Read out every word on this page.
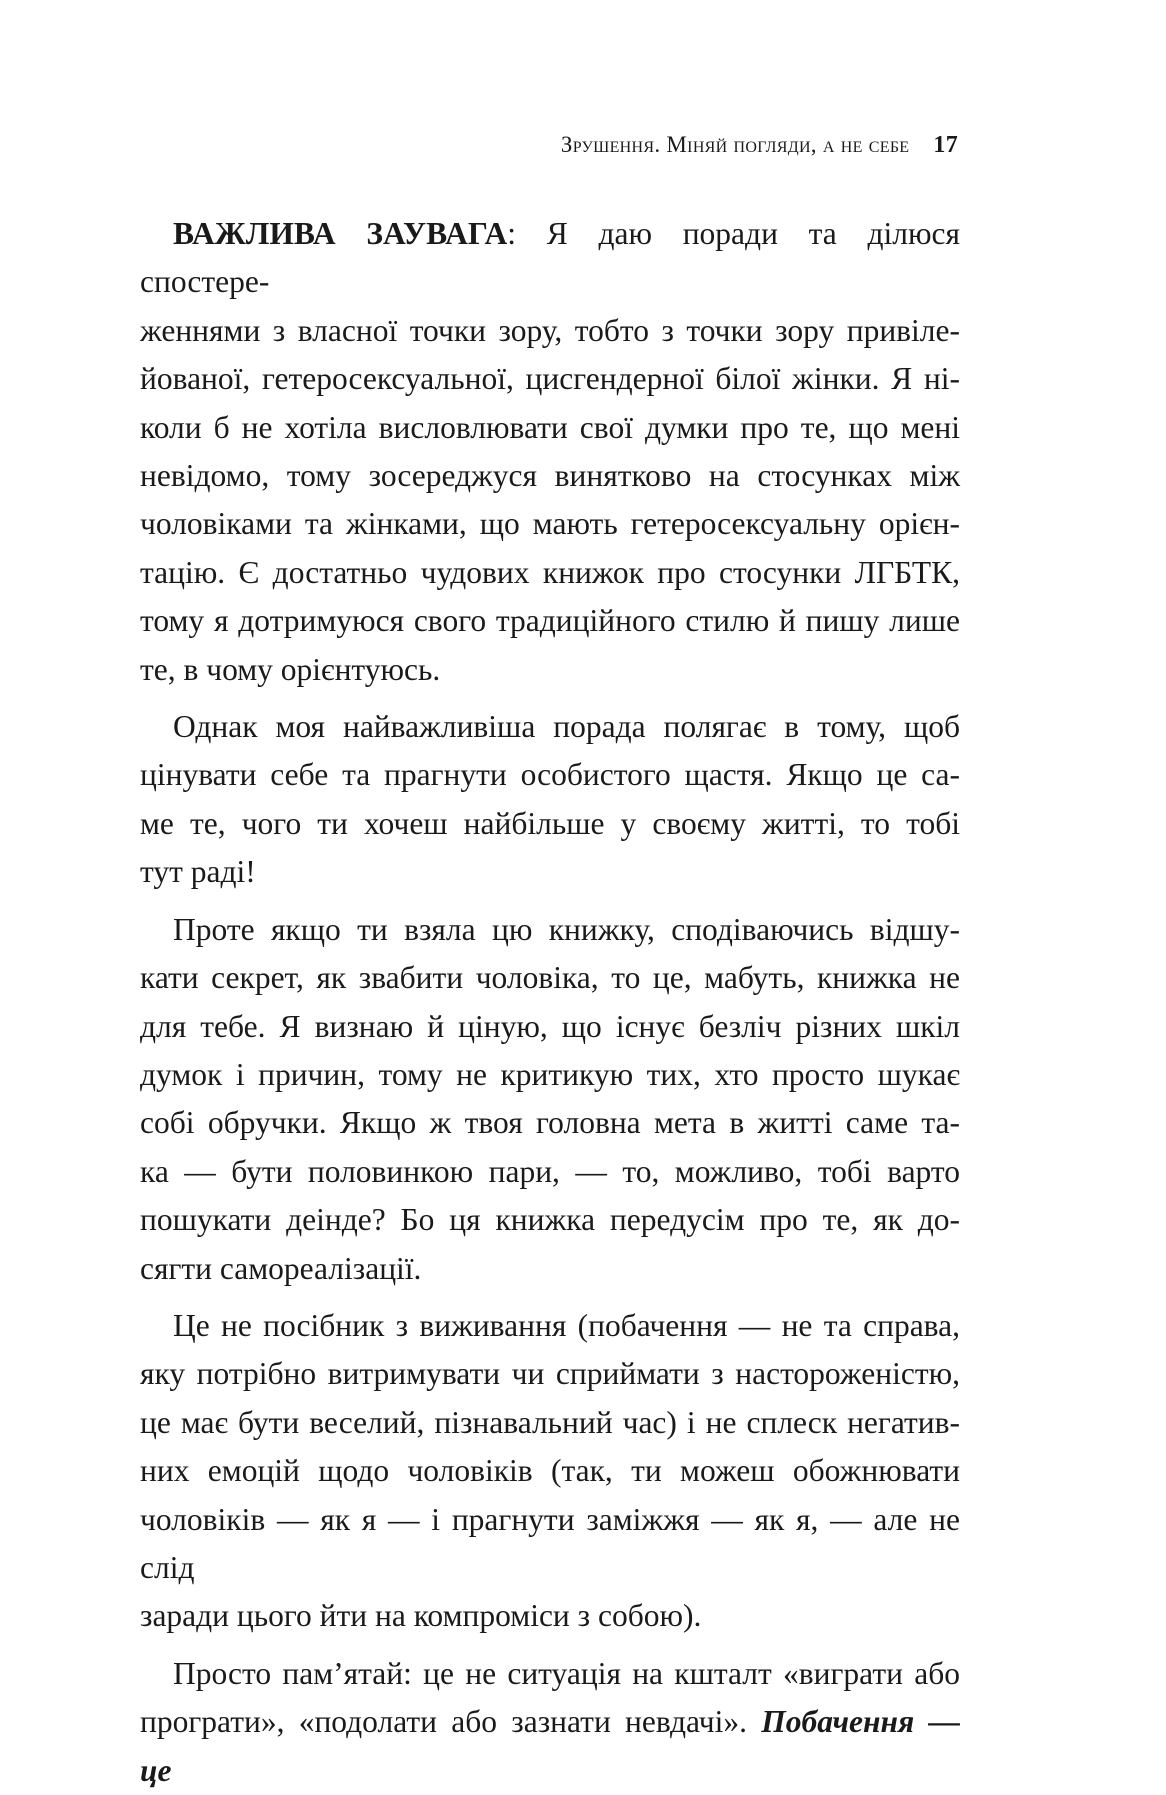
Зрушення. Міняй погляди, а не себе 17

ВАЖЛИВА ЗАУВАГА: Я даю поради та ділюся спостере-
женнями з власної точки зору, тобто з точки зору привіле-
йованої, гетеросексуальної, цисгендерної білої жінки. Я ні-
коли б не хотіла висловлювати свої думки про те, що мені
невідомо, тому зосереджуся винятково на стосунках між
чоловіками та жінками, що мають гетеросексуальну орієн-
тацію. Є достатньо чудових книжок про стосунки ЛГБТК,
тому я дотримуюся свого традиційного стилю й пишу лише
те, в чому орієнтуюсь.

Однак моя найважливіша порада полягає в тому, щоб
цінувати себе та прагнути особистого щастя. Якщо це са-
ме те, чого ти хочеш найбільше у своєму житті, то тобі
тут раді!

Проте якщо ти взяла цю книжку, сподіваючись відшу-
кати секрет, як звабити чоловіка, то це, мабуть, книжка не
для тебе. Я визнаю й ціную, що існує безліч різних шкіл
думок і причин, тому не критикую тих, хто просто шукає
собі обручки. Якщо ж твоя головна мета в житті саме та-
ка — бути половинкою пари, — то, можливо, тобі варто
пошукати деінде? Бо ця книжка передусім про те, як до-
сягти самореалізації.

Це не посібник з виживання (побачення — не та справа,
яку потрібно витримувати чи сприймати з настороженістю,
це має бути веселий, пізнавальний час) і не сплеск негатив-
них емоцій щодо чоловіків (так, ти можеш обожнювати
чоловіків — як я — і прагнути заміжжя — як я, — але не слід
заради цього йти на компроміси з собою).

Просто пам’ятай: це не ситуація на кшталт «виграти або
програти», «подолати або зазнати невдачі». Побачення — це
